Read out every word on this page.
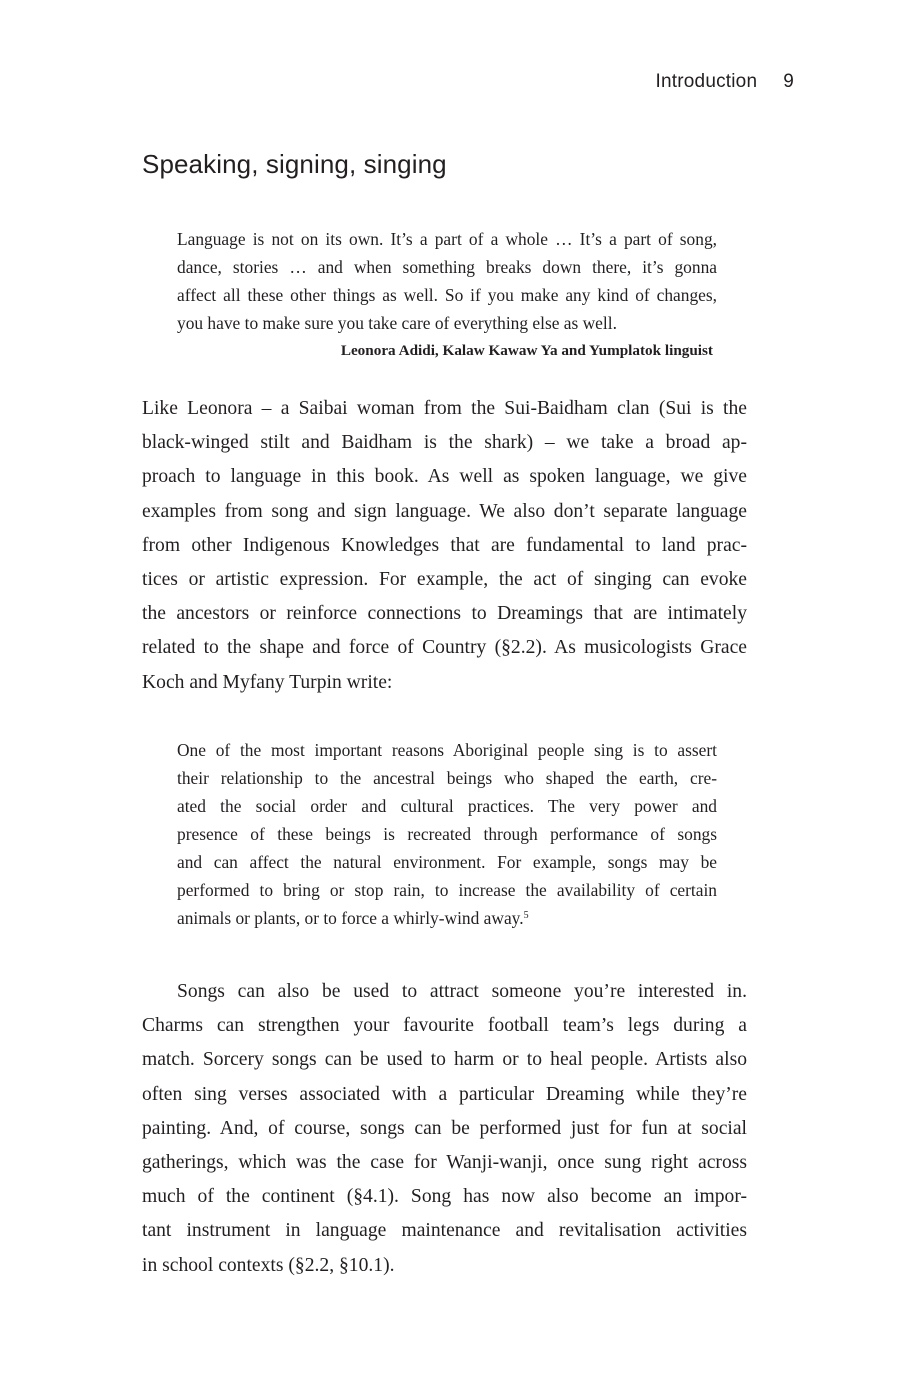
Introduction 9
Speaking, signing, singing
Language is not on its own. It’s a part of a whole … It’s a part of song,
dance, stories … and when something breaks down there, it’s gonna
affect all these other things as well. So if you make any kind of changes,
you have to make sure you take care of everything else as well.
Leonora Adidi, Kalaw Kawaw Ya and Yumplatok linguist
Like Leonora – a Saibai woman from the Sui-Baidham clan (Sui is the
black-winged stilt and Baidham is the shark) – we take a broad ap-
proach to language in this book. As well as spoken language, we give
examples from song and sign language. We also don’t separate language
from other Indigenous Knowledges that are fundamental to land prac-
tices or artistic expression. For example, the act of singing can evoke
the ancestors or reinforce connections to Dreamings that are intimately
related to the shape and force of Country (§2.2). As musicologists Grace
Koch and Myfany Turpin write:
One of the most important reasons Aboriginal people sing is to assert
their relationship to the ancestral beings who shaped the earth, cre-
ated the social order and cultural practices. The very power and
presence of these beings is recreated through performance of songs
and can affect the natural environment. For example, songs may be
performed to bring or stop rain, to increase the availability of certain
animals or plants, or to force a whirly-wind away.$^5$
Songs can also be used to attract someone you’re interested in.
Charms can strengthen your favourite football team’s legs during a
match. Sorcery songs can be used to harm or to heal people. Artists also
often sing verses associated with a particular Dreaming while they’re
painting. And, of course, songs can be performed just for fun at social
gatherings, which was the case for Wanji-wanji, once sung right across
much of the continent (§4.1). Song has now also become an impor-
tant instrument in language maintenance and revitalisation activities
in school contexts (§2.2, §10.1).
